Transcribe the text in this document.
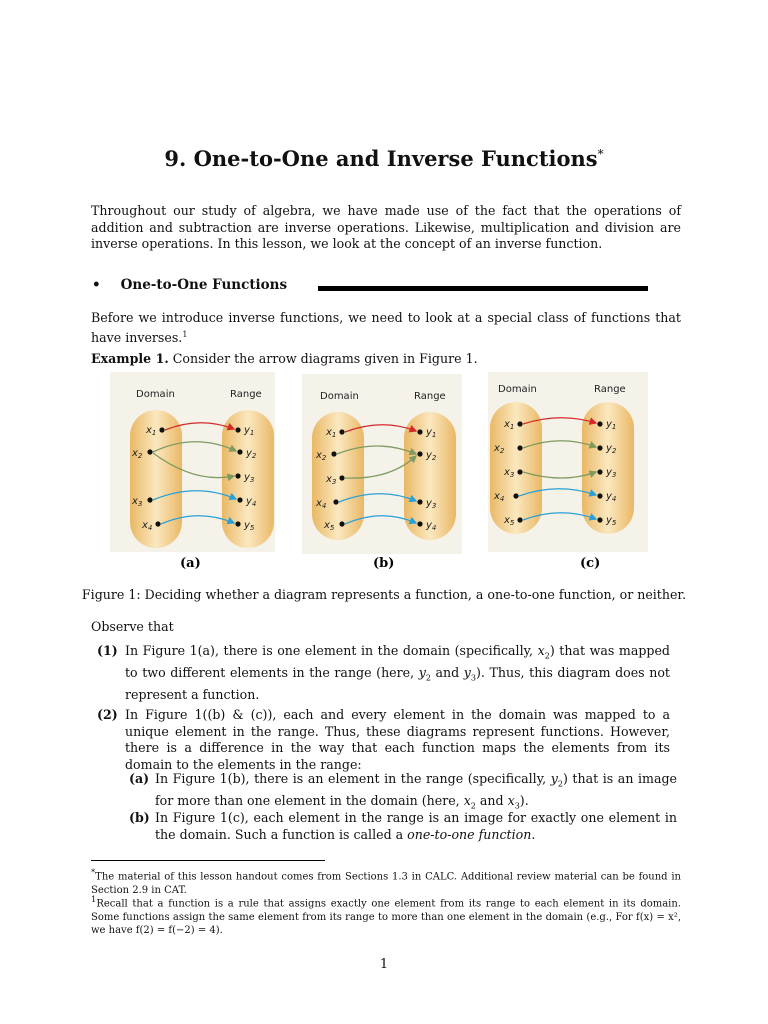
9. One-to-One and Inverse Functions*
Throughout our study of algebra, we have made use of the fact that the operations of addition and subtraction are inverse operations. Likewise, multiplication and division are inverse operations. In this lesson, we look at the concept of an inverse function.
• One-to-One Functions
Before we introduce inverse functions, we need to look at a special class of functions that have inverses.$^1$
Example 1. Consider the arrow diagrams given in Figure 1.
Domain	Range
$x_1$
$x_2$
$x_3$
$x_4$
$y_1$
$y_2$
$y_3$
$y_4$
$y_5$
Domain	Range
$x_1$
$x_2$
$x_3$
$x_4$
$x_5$
$y_1$
$y_2$
$y_3$
$y_4$
Domain	Range
$x_1$
$x_2$
$x_3$
$x_4$
$x_5$
$y_1$
$y_2$
$y_3$
$y_4$
$y_5$
(a)	(b)	(c)
Figure 1: Deciding whether a diagram represents a function, a one-to-one function, or neither.
Observe that
(1) In Figure 1(a), there is one element in the domain (specifically, $x_2$) that was mapped to two different elements in the range (here, $y_2$ and $y_3$). Thus, this diagram does not represent a function.
(2) In Figure 1((b) & (c)), each and every element in the domain was mapped to a unique element in the range. Thus, these diagrams represent functions. However, there is a difference in the way that each function maps the elements from its domain to the elements in the range:
(a) In Figure 1(b), there is an element in the range (specifically, $y_2$) that is an image for more than one element in the domain (here, $x_2$ and $x_3$).
(b) In Figure 1(c), each element in the range is an image for exactly one element in the domain. Such a function is called a one-to-one function.
*The material of this lesson handout comes from Sections 1.3 in CALC. Additional review material can be found in Section 2.9 in CAT.
$^1$Recall that a function is a rule that assigns exactly one element from its range to each element in its domain. Some functions assign the same element from its range to more than one element in the domain (e.g., For f(x) = x², we have f(2) = f(−2) = 4).
1
